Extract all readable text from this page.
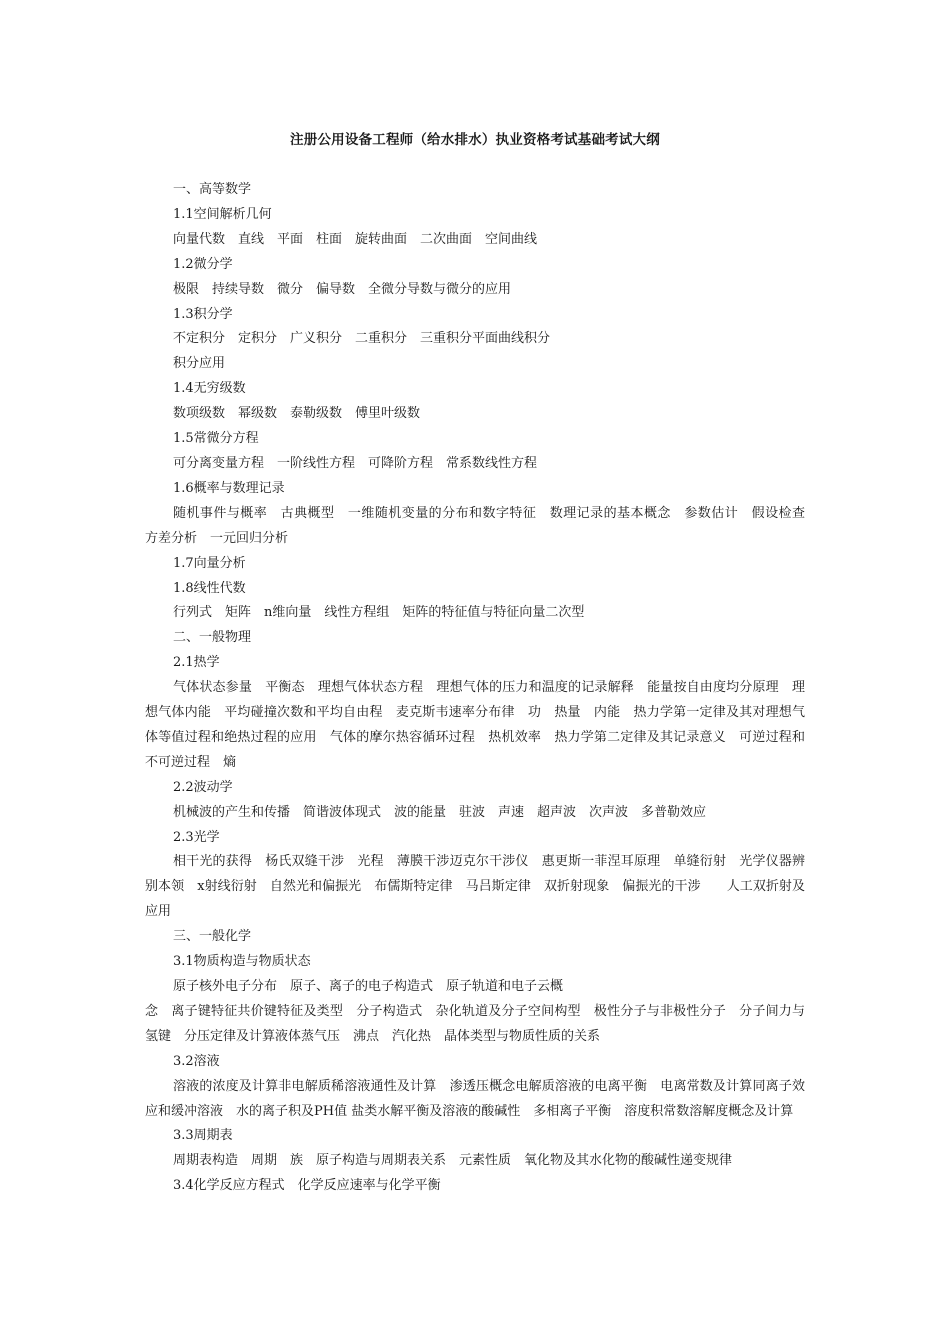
注册公用设备工程师（给水排水）执业资格考试基础考试大纲
一、高等数学
1.1空间解析几何
向量代数　直线　平面　柱面　旋转曲面　二次曲面　空间曲线
1.2微分学
极限　持续导数　微分　偏导数　全微分导数与微分的应用
1.3积分学
不定积分　定积分　广义积分　二重积分　三重积分平面曲线积分
积分应用
1.4无穷级数
数项级数　幂级数　泰勒级数　傅里叶级数
1.5常微分方程
可分离变量方程　一阶线性方程　可降阶方程　常系数线性方程
1.6概率与数理记录
随机事件与概率　古典概型　一维随机变量的分布和数字特征　数理记录的基本概念　参数估计　假设检查　方差分析　一元回归分析
1.7向量分析
1.8线性代数
行列式　矩阵　n维向量　线性方程组　矩阵的特征值与特征向量二次型
二、一般物理
2.1热学
气体状态参量　平衡态　理想气体状态方程　理想气体的压力和温度的记录解释　能量按自由度均分原理　理想气体内能　平均碰撞次数和平均自由程　麦克斯韦速率分布律　功　热量　内能　热力学第一定律及其对理想气体等值过程和绝热过程的应用　气体的摩尔热容循环过程　热机效率　热力学第二定律及其记录意义　可逆过程和不可逆过程　熵
2.2波动学
机械波的产生和传播　简谐波体现式　波的能量　驻波　声速　超声波　次声波　多普勒效应
2.3光学
相干光的获得　杨氏双缝干涉　光程　薄膜干涉迈克尔干涉仪　惠更斯一菲涅耳原理　单缝衍射　光学仪器辨别本领　x射线衍射　自然光和偏振光　布儒斯特定律　马吕斯定律　双折射现象　偏振光的干涉　　人工双折射及应用
三、一般化学
3.1物质构造与物质状态
原子核外电子分布　原子、离子的电子构造式　原子轨道和电子云概
念　离子键特征共价键特征及类型　分子构造式　杂化轨道及分子空间构型　极性分子与非极性分子　分子间力与氢键　分压定律及计算液体蒸气压　沸点　汽化热　晶体类型与物质性质的关系
3.2溶液
溶液的浓度及计算非电解质稀溶液通性及计算　渗透压概念电解质溶液的电离平衡　电离常数及计算同离子效应和缓冲溶液　水的离子积及PH值 盐类水解平衡及溶液的酸碱性　多相离子平衡　溶度积常数溶解度概念及计算
3.3周期表
周期表构造　周期　族　原子构造与周期表关系　元素性质　氧化物及其水化物的酸碱性递变规律
3.4化学反应方程式　化学反应速率与化学平衡
